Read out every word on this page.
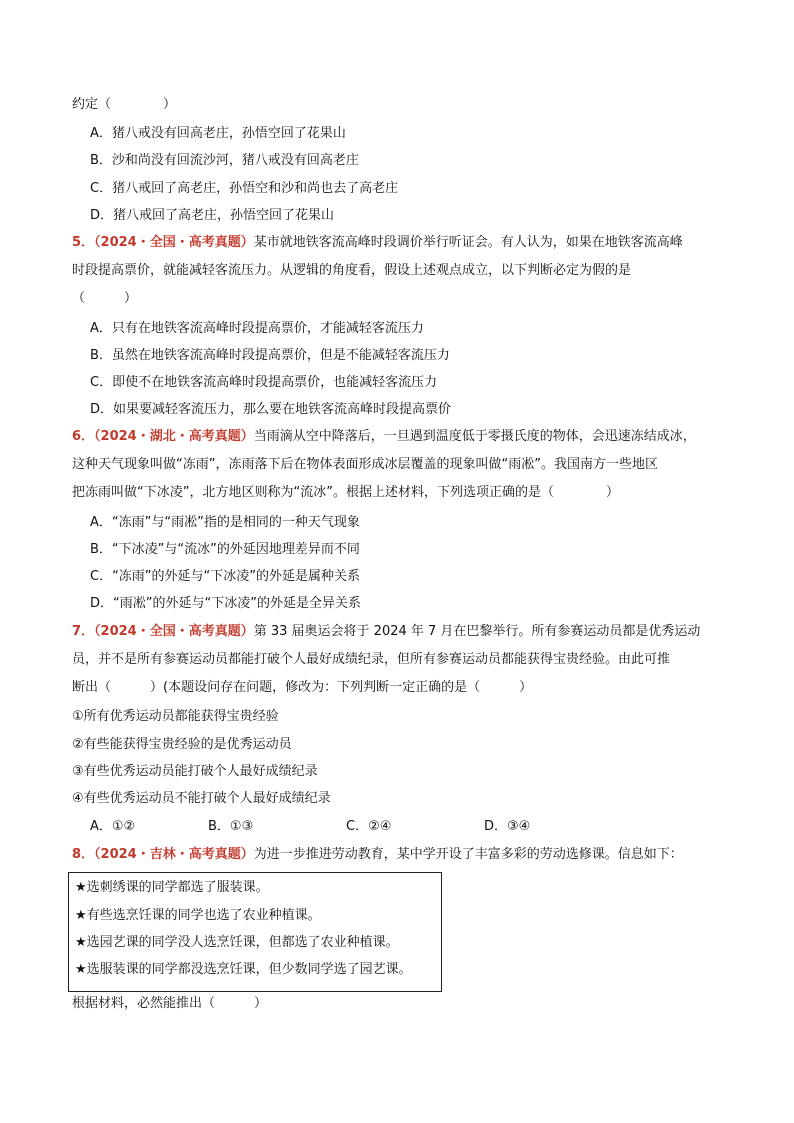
约定（　　　　）
A．猪八戒没有回高老庄，孙悟空回了花果山
B．沙和尚没有回流沙河，猪八戒没有回高老庄
C．猪八戒回了高老庄，孙悟空和沙和尚也去了高老庄
D．猪八戒回了高老庄，孙悟空回了花果山
5．（2024・全国・高考真题）某市就地铁客流高峰时段调价举行听证会。有人认为，如果在地铁客流高峰
时段提高票价，就能减轻客流压力。从逻辑的角度看，假设上述观点成立，以下判断必定为假的是
（　　　）
A．只有在地铁客流高峰时段提高票价，才能减轻客流压力
B．虽然在地铁客流高峰时段提高票价，但是不能减轻客流压力
C．即使不在地铁客流高峰时段提高票价，也能减轻客流压力
D．如果要减轻客流压力，那么要在地铁客流高峰时段提高票价
6．（2024・湖北・高考真题）当雨滴从空中降落后，一旦遇到温度低于零摄氏度的物体，会迅速冻结成冰，
这种天气现象叫做“冻雨”，冻雨落下后在物体表面形成冰层覆盖的现象叫做“雨凇”。我国南方一些地区
把冻雨叫做“下冰凌”，北方地区则称为“流冰”。根据上述材料，下列选项正确的是（　　　　）
A．“冻雨”与“雨凇”指的是相同的一种天气现象
B．“下冰凌”与“流冰”的外延因地理差异而不同
C．“冻雨”的外延与“下冰凌”的外延是属种关系
D．“雨凇”的外延与“下冰凌”的外延是全异关系
7．（2024・全国・高考真题）第 33 届奥运会将于 2024 年 7 月在巴黎举行。所有参赛运动员都是优秀运动
员，并不是所有参赛运动员都能打破个人最好成绩纪录，但所有参赛运动员都能获得宝贵经验。由此可推
断出（　　　）(本题设问存在问题，修改为：下列判断一定正确的是（　　　）
①所有优秀运动员都能获得宝贵经验
②有些能获得宝贵经验的是优秀运动员
③有些优秀运动员能打破个人最好成绩纪录
④有些优秀运动员不能打破个人最好成绩纪录
A．①②	B．①③	C．②④	D．③④
8．（2024・吉林・高考真题）为进一步推进劳动教育，某中学开设了丰富多彩的劳动选修课。信息如下：
★选刺绣课的同学都选了服装课。
★有些选烹饪课的同学也选了农业种植课。
★选园艺课的同学没人选烹饪课，但都选了农业种植课。
★选服装课的同学都没选烹饪课，但少数同学选了园艺课。
根据材料，必然能推出（　　　）
